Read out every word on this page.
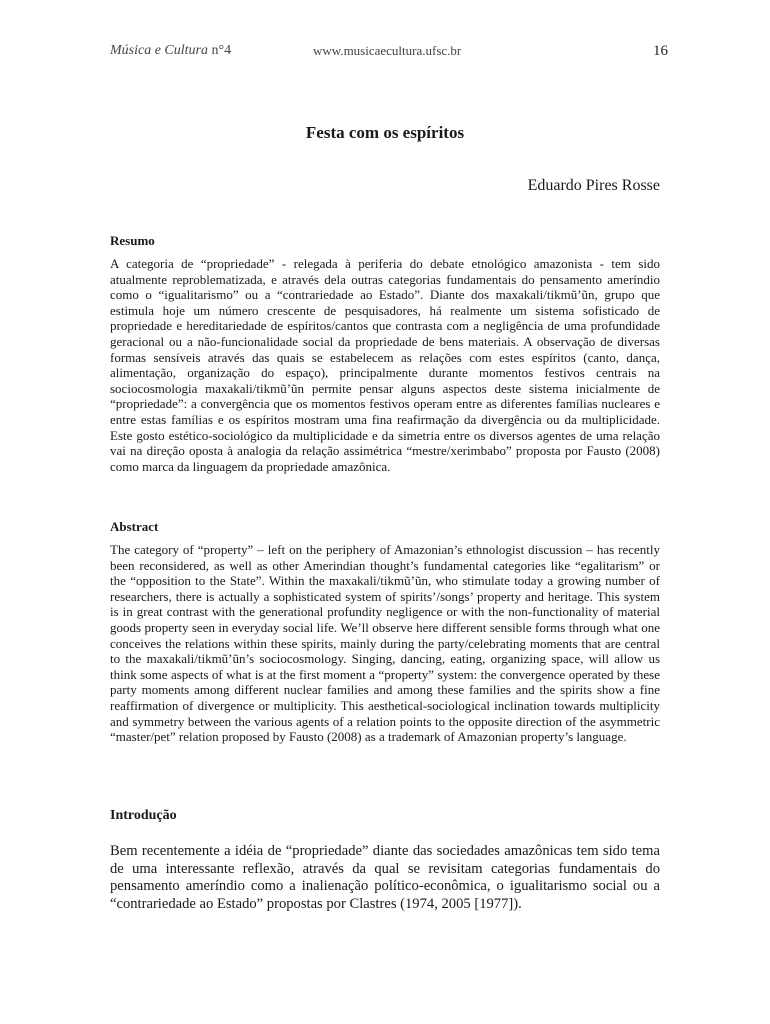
Música e Cultura n°4	www.musicaecultura.ufsc.br	16
Festa com os espíritos
Eduardo Pires Rosse
Resumo

A categoria de “propriedade” - relegada à periferia do debate etnológico amazonista - tem sido atualmente reproblematizada, e através dela outras categorias fundamentais do pensamento ameríndio como o “igualitarismo” ou a “contrariedade ao Estado”. Diante dos maxakali/tikmũ’ũn, grupo que estimula hoje um número crescente de pesquisadores, há realmente um sistema sofisticado de propriedade e hereditariedade de espíritos/cantos que contrasta com a negligência de uma profundidade geracional ou a não-funcionalidade social da propriedade de bens materiais. A observação de diversas formas sensíveis através das quais se estabelecem as relações com estes espíritos (canto, dança, alimentação, organização do espaço), principalmente durante momentos festivos centrais na sociocosmologia maxakali/tikmũ’ũn permite pensar alguns aspectos deste sistema inicialmente de “propriedade”: a convergência que os momentos festivos operam entre as diferentes famílias nucleares e entre estas famílias e os espíritos mostram uma fina reafirmação da divergência ou da multiplicidade. Este gosto estético-sociológico da multiplicidade e da simetria entre os diversos agentes de uma relação vai na direção oposta à analogia da relação assimétrica “mestre/xerimbabo” proposta por Fausto (2008) como marca da linguagem da propriedade amazônica.

Abstract

The category of “property” – left on the periphery of Amazonian’s ethnologist discussion – has recently been reconsidered, as well as other Amerindian thought’s fundamental categories like “egalitarism” or the “opposition to the State”. Within the maxakali/tikmũ’ũn, who stimulate today a growing number of researchers, there is actually a sophisticated system of spirits’/songs’ property and heritage. This system is in great contrast with the generational profundity negligence or with the non-functionality of material goods property seen in everyday social life. We’ll observe here different sensible forms through what one conceives the relations within these spirits, mainly during the party/celebrating moments that are central to the maxakali/tikmũ’ũn’s sociocosmology. Singing, dancing, eating, organizing space, will allow us think some aspects of what is at the first moment a “property” system: the convergence operated by these party moments among different nuclear families and among these families and the spirits show a fine reaffirmation of divergence or multiplicity. This aesthetical-sociological inclination towards multiplicity and symmetry between the various agents of a relation points to the opposite direction of the asymmetric “master/pet” relation proposed by Fausto (2008) as a trademark of Amazonian property’s language.

Introdução

Bem recentemente a idéia de “propriedade” diante das sociedades amazônicas tem sido tema de uma interessante reflexão, através da qual se revisitam categorias fundamentais do pensamento ameríndio como a inalienação político-econômica, o igualitarismo social ou a “contrariedade ao Estado” propostas por Clastres (1974, 2005 [1977]).
